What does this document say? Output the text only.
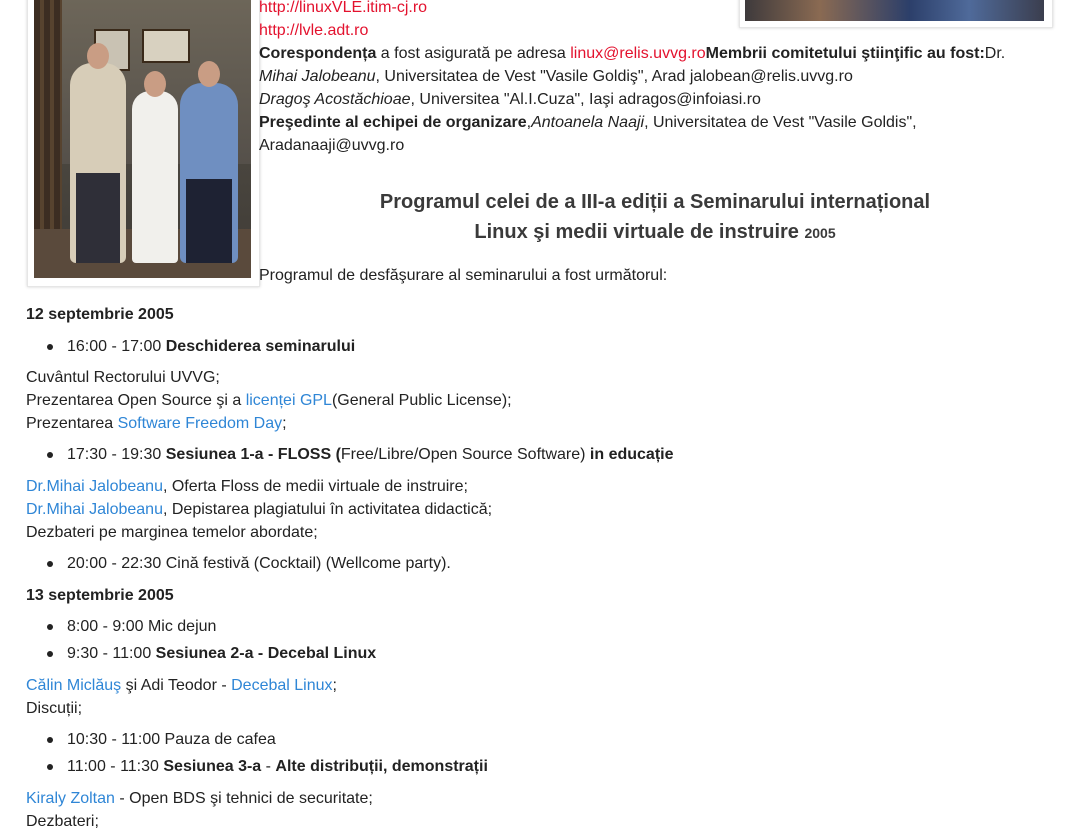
http://linuxVLE.itim-cj.ro
http://lvle.adt.ro
Corespondența a fost asigurată pe adresa linux@relis.uvvg.roMembrii comitetului ştiinţific au fost:Dr.
Mihai Jalobeanu, Universitatea de Vest "Vasile Goldiş", Arad jalobean@relis.uvvg.ro
Dragoş Acostăchioae, Universitea "Al.I.Cuza", Iaşi adragos@infoiasi.ro
Preşedinte al echipei de organizare,Antoanela Naaji, Universitatea de Vest "Vasile Goldis",
Aradanaaji@uvvg.ro
Programul celei de a III-a ediții a Seminarului internațional
Linux şi medii virtuale de instruire 2005
Programul de desfăşurare al seminarului a fost următorul:
12 septembrie 2005
16:00 - 17:00 Deschiderea seminarului
Cuvântul Rectorului UVVG;
Prezentarea Open Source şi a licenței GPL(General Public License);
Prezentarea Software Freedom Day;
17:30 - 19:30 Sesiunea 1-a - FLOSS (Free/Libre/Open Source Software) in educație
Dr.Mihai Jalobeanu, Oferta Floss de medii virtuale de instruire;
Dr.Mihai Jalobeanu, Depistarea plagiatului în activitatea didactică;
Dezbateri pe marginea temelor abordate;
20:00 - 22:30 Cină festivă (Cocktail) (Wellcome party).
13 septembrie 2005
8:00 - 9:00 Mic dejun
9:30 - 11:00 Sesiunea 2-a - Decebal Linux
Călin Miclăuş şi Adi Teodor - Decebal Linux;
Discuții;
10:30 - 11:00 Pauza de cafea
11:00 - 11:30 Sesiunea 3-a - Alte distribuții, demonstrații
Kiraly Zoltan - Open BDS şi tehnici de securitate;
Dezbateri;
